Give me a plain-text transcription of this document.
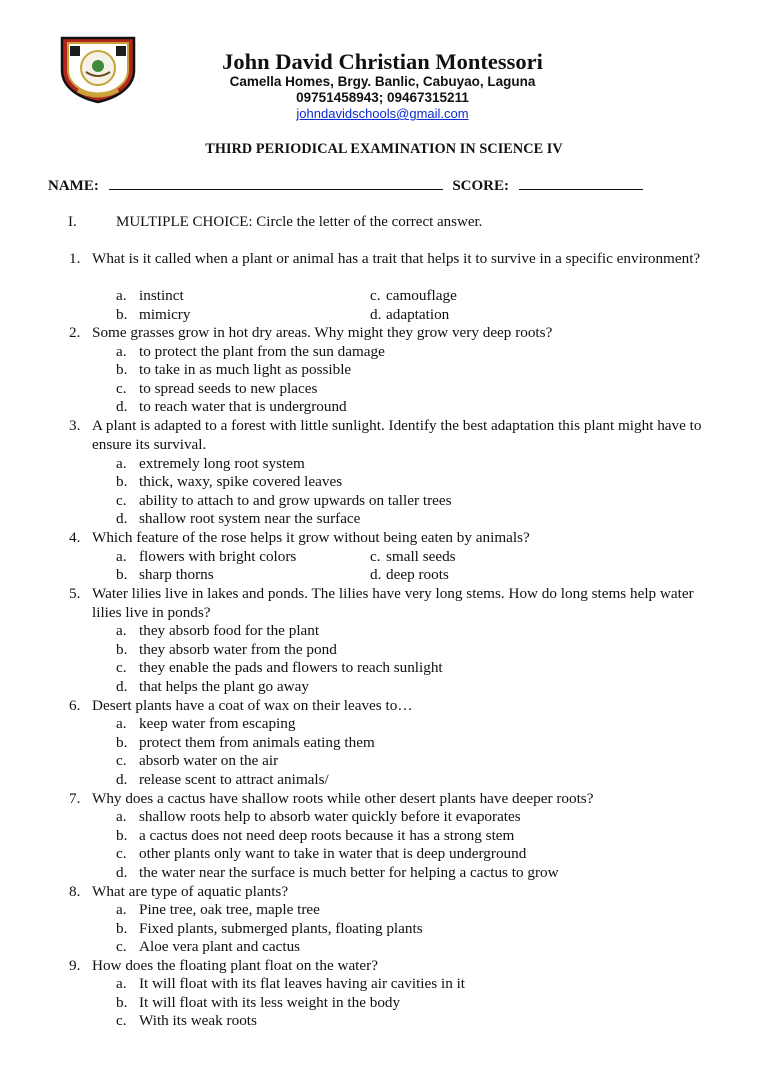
John David Christian Montessori
Camella Homes, Brgy. Banlic, Cabuyao, Laguna
09751458943; 09467315211
johndavidschools@gmail.com
THIRD PERIODICAL EXAMINATION IN SCIENCE IV
NAME:	SCORE:
I.	MULTIPLE CHOICE: Circle the letter of the correct answer.
1. What is it called when a plant or animal has a trait that helps it to survive in a specific environment?
a. instinct	c. camouflage
b. mimicry	d. adaptation
2. Some grasses grow in hot dry areas. Why might they grow very deep roots?
a. to protect the plant from the sun damage
b. to take in as much light as possible
c. to spread seeds to new places
d. to reach water that is underground
3. A plant is adapted to a forest with little sunlight. Identify the best adaptation this plant might have to ensure its survival.
a. extremely long root system
b. thick, waxy, spike covered leaves
c. ability to attach to and grow upwards on taller trees
d. shallow root system near the surface
4. Which feature of the rose helps it grow without being eaten by animals?
a. flowers with bright colors	c. small seeds
b. sharp thorns	d. deep roots
5. Water lilies live in lakes and ponds. The lilies have very long stems. How do long stems help water lilies live in ponds?
a. they absorb food for the plant
b. they absorb water from the pond
c. they enable the pads and flowers to reach sunlight
d. that helps the plant go away
6. Desert plants have a coat of wax on their leaves to…
a. keep water from escaping
b. protect them from animals eating them
c. absorb water on the air
d. release scent to attract animals/
7. Why does a cactus have shallow roots while other desert plants have deeper roots?
a. shallow roots help to absorb water quickly before it evaporates
b. a cactus does not need deep roots because it has a strong stem
c. other plants only want to take in water that is deep underground
d. the water near the surface is much better for helping a cactus to grow
8. What are type of aquatic plants?
a. Pine tree, oak tree, maple tree
b. Fixed plants, submerged plants, floating plants
c. Aloe vera plant and cactus
9. How does the floating plant float on the water?
a. It will float with its flat leaves having air cavities in it
b. It will float with its less weight in the body
c. With its weak roots
